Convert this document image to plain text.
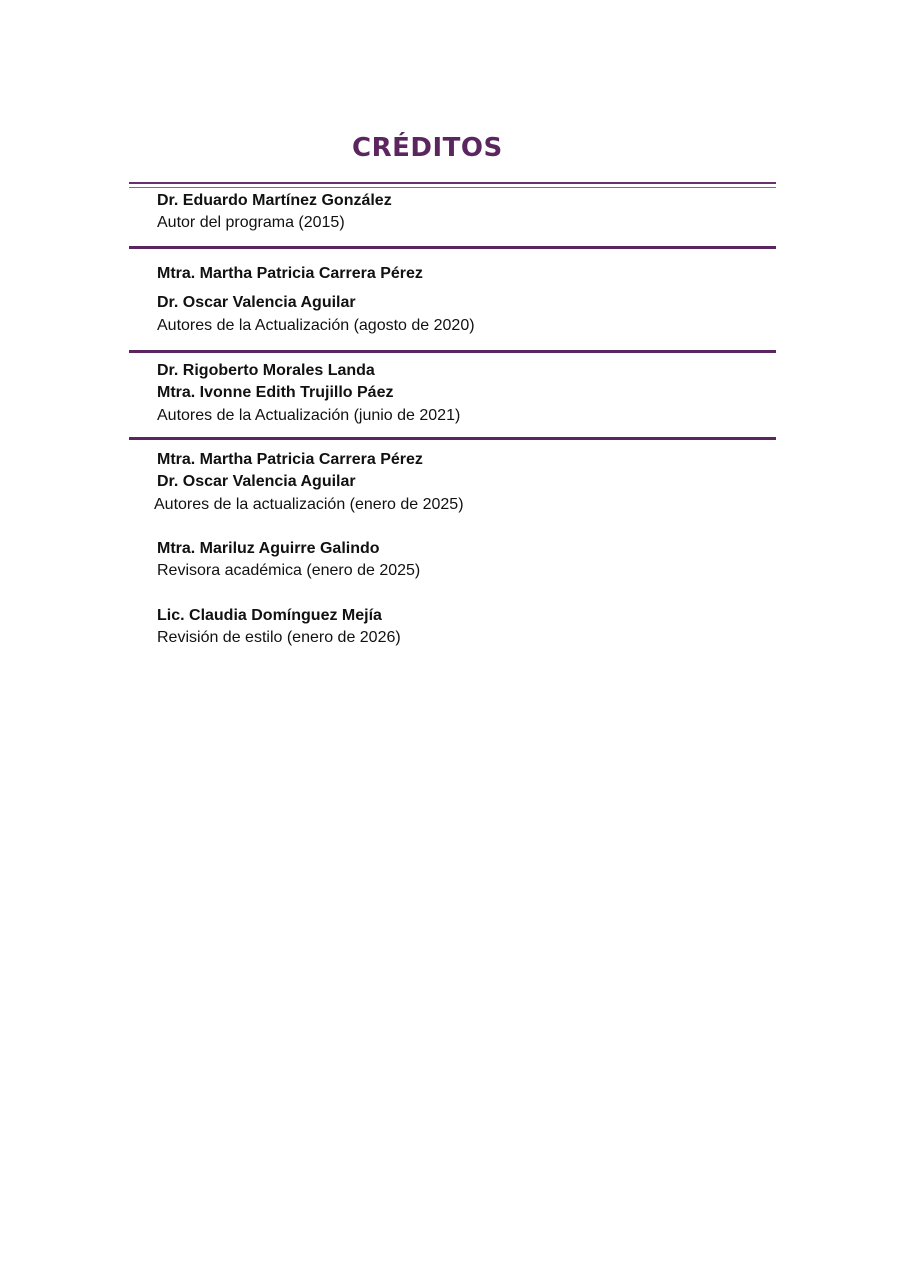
CRÉDITOS

Dr. Eduardo Martínez González

Autor del programa (2015)

Mtra. Martha Patricia Carrera Pérez

Dr. Oscar Valencia Aguilar

Autores de la Actualización (agosto de 2020)

Dr. Rigoberto Morales Landa

Mtra. Ivonne Edith Trujillo Páez

Autores de la Actualización (junio de 2021)

Mtra. Martha Patricia Carrera Pérez

Dr. Oscar Valencia Aguilar

Autores de la actualización (enero de 2025)

Mtra. Mariluz Aguirre Galindo

Revisora académica (enero de 2025)

Lic. Claudia Domínguez Mejía

Revisión de estilo (enero de 2026)
